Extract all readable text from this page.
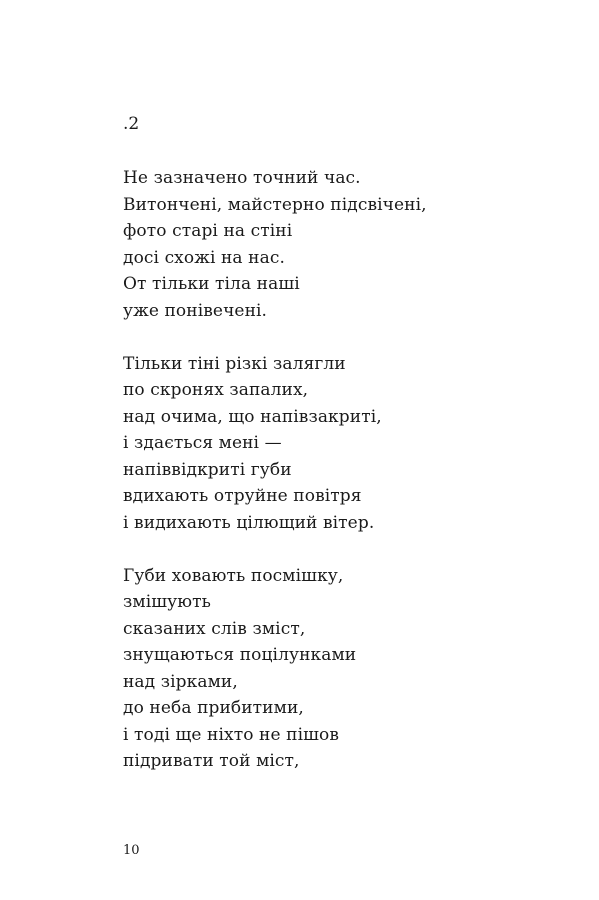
.2
Не зазначено точний час.
Витончені, майстерно підсвічені,
фото старі на стіні
досі схожі на нас.
От тільки тіла наші
уже понівечені.
Тільки тіні різкі залягли
по скронях запалих,
над очима, що напівзакриті,
і здається мені —
напіввідкриті губи
вдихають отруйне повітря
і видихають цілющий вітер.
Губи ховають посмішку,
змішують
сказаних слів зміст,
знущаються поцілунками
над зірками,
до неба прибитими,
і тоді ще ніхто не пішов
підривати той міст,
10
